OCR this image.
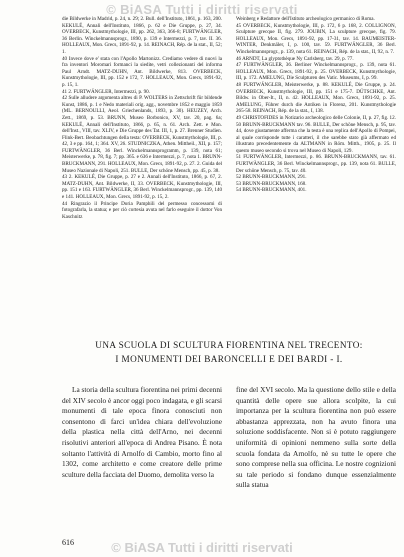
© BiASA Tutti i diritti riservati

die Bildwerke in Madrid, p. 24, n. 29; 2. Bull. dell'Instituto, 1861, p. 163, 200. KEKULÉ, Annali dell'Instituto, 1866, p. 62 e Die Gruppe, p. 27, 34. OVERBECK, Kunstmythologie, III, pp. 262, 363, 366-8; FURTWÄNGLER, 36 Berlin. Winckelmannsprogr., 1890, p. 139 e Intermezzi, p. 7, tav. II. 36. HOLLEAUX, Mon. Grecs, 1891-92, p. 14. REINACH, Rép. de la stat., II, 52; 1.

40 Invece dove e' stata con l'Apollo Martonizz. Crediamo vedere di nuovi la fra inventori Moromari formanci la siedite, vetri collezionanti del informa Paul Arndt. MATZ-DUHN, Ant. Bildwerke, 813. OVERBECK, Kunstmythologie, III, pp. 152 e 172, 7. HOLLEAUX, Mon. Grecs, 1891-92, p. 15, 1.

41 2. FURTWÄNGLER, Intermezzi, p. 90.

42 Sulle alludere argomenta altres di P. WOLTERS in Zettschrift für bildende Kunst, 1886, p. 1 e Nedo materiali orig. agg., novembre 1852 e maggio 1859 (ML. BERNOULLI, Aeol. Griechenlands, 1893, p. 30). HEUZEY, Arch. Zett., 1869, p. 53. BRUNN, Museo Borbonico, XV, tav. 20, pag. 6a; KEKULÉ, Annali dell'Instituto, 1866, p. 65, n. 61. Arch. Zett. e Mon. dell'Inst., VIII, tav. XLIV, e Die Gruppe des Tat. III, 1, p. 27. Brenner Studien. Flink-Bert. Beobachtungen della testa: OVERBECK, Kunstmythologie, III, p. 42, 3 e pp. 164, 1; 364. XV, 26. STUDNICZKA, Athen. Mittheil., XII, p. 157; FURTWÄNGLER, 36 Berl. Winckelmannsprogramm, p. 139, nota 61; Meisterwerke, p. 78, fig. 7; pp. 365. e 636 e Intermezzi, p. 7, nota 1. BRUNN-BRUCKMANN, 291. HOLLEAUX, Mon. Grecs, 1891-92, p. 27. 2. Guida del Museo Nazionale di Napoli, 251. BULLE, Der schöne Mensch, pp. 45, p. 38.

43 2. KEKULÉ, Die Gruppe, p. 27 e 2. Annali dell'Instituto, 1866, p. 67, 2. MATZ-DUHN, Ant. Bildwerke, II, 33. OVERBECK, Kunstmythologie, III, pp. 151 e 163. FURTWÄNGLER, 36 Berl. Winckelmannsprogr., pp. 139, 140 e 141. HOLLEAUX, Mon. Grecs, 1891-92, p. 15, 2.

44 Ringrazio il Principe Doria Pamphili del permesso concessomi di fotografarla, la statua; e per ciò cortesia avuta nel farlo eseguire il dottor Von Kaschnitz

Weinberg e Redattore dell'Istituto archeologico germanico di Roma.

45 OVERBECK, Kunstmythologie, III, p. 172, 6 p. 168, 2. COLLIGNON, Sculpture grecque II, fig. 279. JOUBIN, La sculpture grecque, fig. 79. HOLLEAUX, Mon. Grecs, 1891-92, pp. 17-31, tav. 14. BAUMEISTER-WINTER, Denkmäler, I, p. 100, tav. 59. FURTWÄNGLER, 36 Berl. Winckelmannsprogr., p. 139, nota 61. REINACH, Rép. de la stat., II, 92, n. 7.

46 ARNDT, La glyptothèque Ny Carlsberg, tav. 29, p. 77.

47 FURTWÄNGLER, 36. Berliner Winckelmannsprogr., p. 139, nota 61. HOLLEAUX, Mon. Grecs, 1891-92, p. 25. OVERBECK, Kunstmythologie, III, p. 172. AMELUNG, Die Sculpturen des Vatic. Museums, I, p. 99.

48 FURTWÄNGLER, Meisterwerke, p. 88. KEKULÉ, Die Gruppe, p. 24. OVERBECK, Kunstmythologie, III, pp. 151 e 175-7. DÜTSCHKE, Ant. Bildw. in Ober-It., II, n. 42. HOLLEAUX, Mon. Grecs, 1891-92, p. 25. AMELUNG, Führer durch die Antiken in Florenz, 201. Kunstmythologie 265-58. REINACH, Rép. de la stat., I, 138.

49 CHRISTOFIDES in Notizario archeologico delle Colonie, II, p. 27, fig. 12.

50 BRUNN-BRUCKMANN tav. 96. BULLE, Der schöne Mensch, p. 95, tav. 44, dove giustamente afferma che la testa è una replica dell'Apollo di Pompei, al quale corrisponde tutte i caratteri, il che sarebbe stato già affermato ed illustrato precedentemente da ALTMANN in Röm. Mitth., 1905, p. 25. Il questo museo secondo si trova nel Museo di Napoli, 129.

51 FURTWÄNGLER, Intermezzi, p. 86. BRUNN-BRUCKMANN, tav. 61. FURTWÄNGLER, 36 Berl. Winckelmannsprogr., pp. 139, nota 61. BULLE, Der schöne Mensch, p. 75, tav. 40.

52 BRUNN-BRUCKMANN, 291.

53 BRUNN-BRUCKMANN, 168.

54 BRUNN-BRUCKMANN, 401.

UNA SCUOLA DI SCULTURA FIORENTINA NEL TRECENTO:
I MONUMENTI DEI BARONCELLI E DEI BARDI - I.

La storia della scultura fiorentina nei primi decenni del XIV secolo è ancor oggi poco indagata, e gli scarsi monumenti di tale epoca finora conosciuti non consentono di farci un'idea chiara dell'evoluzione della plastica nella città dell'Arno, nei decenni risolutivi anteriori all'epoca di Andrea Pisano. È nota soltanto l'attività di Arnolfo di Cambio, morto fino al 1302, come architetto e come creatore delle prime sculture della facciata del Duomo, demolita verso la

fine del XVI secolo. Ma la questione dello stile e della quantità delle opere sue allora scolpite, la cui importanza per la scultura fiorentina non può essere abbastanza apprezzata, non ha avuto finora una soluzione soddisfacente. Non si è potuto raggiungere uniformità di opinioni nemmeno sulla sorte della scuola fondata da Arnolfo, nè su tutte le opere che sono comprese nella sua officina. Le nostre cognizioni su tale periodo si fondano dunque essenzialmente sulla statua

616	© BiASA Tutti i diritti riservati
